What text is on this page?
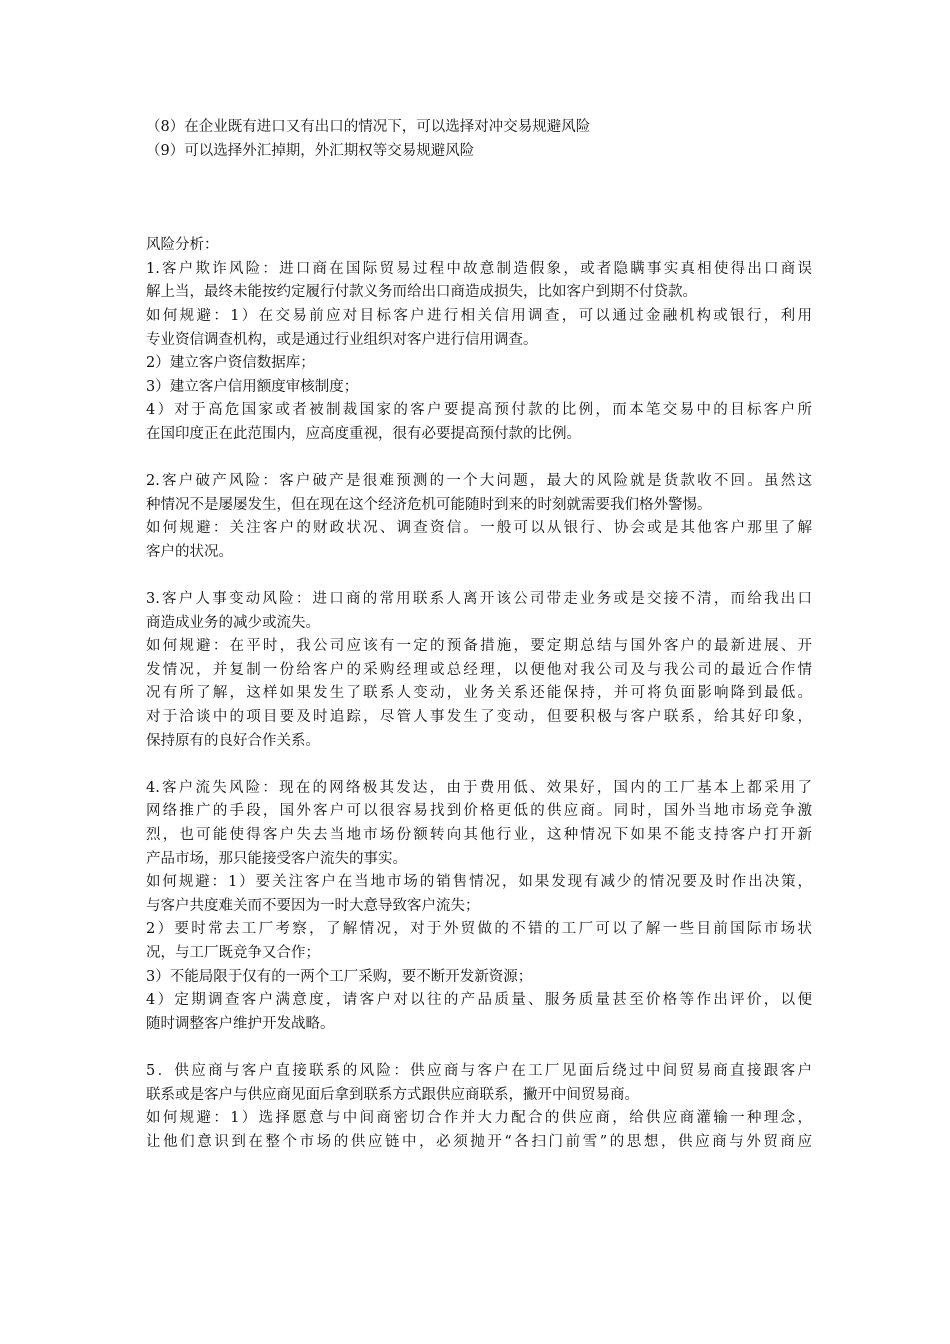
（8）在企业既有进口又有出口的情况下，可以选择对冲交易规避风险
（9）可以选择外汇掉期，外汇期权等交易规避风险
风险分析：
1.客户欺诈风险：进口商在国际贸易过程中故意制造假象，或者隐瞒事实真相使得出口商误
解上当，最终未能按约定履行付款义务而给出口商造成损失，比如客户到期不付贷款。
如何规避：1）在交易前应对目标客户进行相关信用调查，可以通过金融机构或银行，利用
专业资信调查机构，或是通过行业组织对客户进行信用调查。
2）建立客户资信数据库；
3）建立客户信用额度审核制度；
4）对于高危国家或者被制裁国家的客户要提高预付款的比例，而本笔交易中的目标客户所
在国印度正在此范围内，应高度重视，很有必要提高预付款的比例。
2.客户破产风险：客户破产是很难预测的一个大问题，最大的风险就是货款收不回。虽然这
种情况不是屡屡发生，但在现在这个经济危机可能随时到来的时刻就需要我们格外警惕。
如何规避：关注客户的财政状况、调查资信。一般可以从银行、协会或是其他客户那里了解
客户的状况。
3.客户人事变动风险：进口商的常用联系人离开该公司带走业务或是交接不清，而给我出口
商造成业务的减少或流失。
如何规避：在平时，我公司应该有一定的预备措施，要定期总结与国外客户的最新进展、开
发情况，并复制一份给客户的采购经理或总经理，以便他对我公司及与我公司的最近合作情
况有所了解，这样如果发生了联系人变动，业务关系还能保持，并可将负面影响降到最低。
对于洽谈中的项目要及时追踪，尽管人事发生了变动，但要积极与客户联系，给其好印象，
保持原有的良好合作关系。
4.客户流失风险：现在的网络极其发达，由于费用低、效果好，国内的工厂基本上都采用了
网络推广的手段，国外客户可以很容易找到价格更低的供应商。同时，国外当地市场竞争激
烈，也可能使得客户失去当地市场份额转向其他行业，这种情况下如果不能支持客户打开新
产品市场，那只能接受客户流失的事实。
如何规避：1）要关注客户在当地市场的销售情况，如果发现有减少的情况要及时作出决策，
与客户共度难关而不要因为一时大意导致客户流失；
2）要时常去工厂考察，了解情况，对于外贸做的不错的工厂可以了解一些目前国际市场状
况，与工厂既竞争又合作；
3）不能局限于仅有的一两个工厂采购，要不断开发新资源；
4）定期调查客户满意度，请客户对以往的产品质量、服务质量甚至价格等作出评价，以便
随时调整客户维护开发战略。
5．供应商与客户直接联系的风险：供应商与客户在工厂见面后绕过中间贸易商直接跟客户
联系或是客户与供应商见面后拿到联系方式跟供应商联系，撇开中间贸易商。
如何规避：1）选择愿意与中间商密切合作并大力配合的供应商，给供应商灌输一种理念，
让他们意识到在整个市场的供应链中，必须抛开“各扫门前雪”的思想，供应商与外贸商应
